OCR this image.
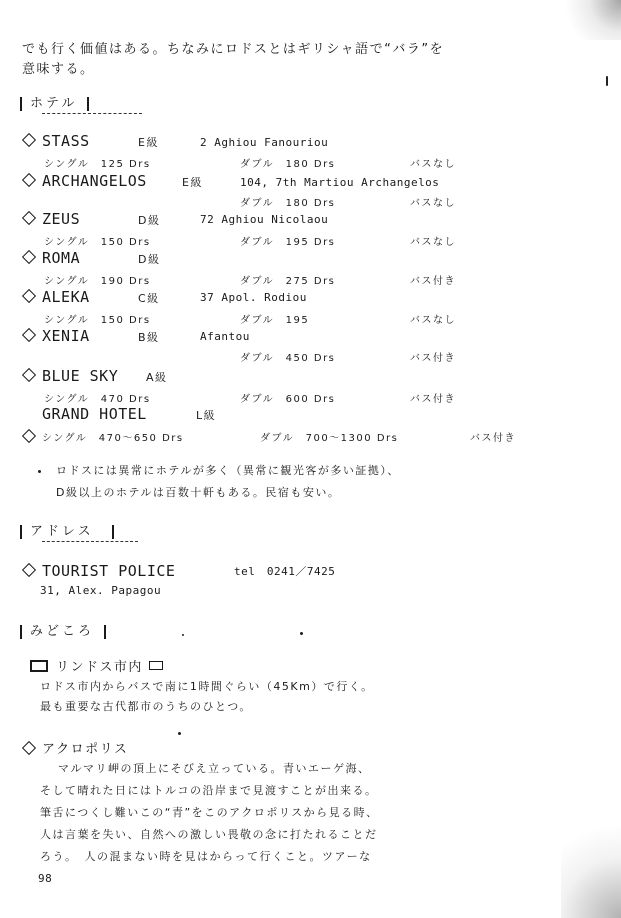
でも行く価値はある。ちなみにロドスとはギリシャ語で“バラ”を
意味する。
ホテル
STASS	E級	2 Aghiou Fanouriou
シングル　125 Drs	ダブル　180 Drs	バスなし
ARCHANGELOS	E級	104, 7th Martiou Archangelos
ダブル　180 Drs	バスなし
ZEUS	D級	72 Aghiou Nicolaou
シングル　150 Drs	ダブル　195 Drs	バスなし
ROMA	D級
シングル　190 Drs	ダブル　275 Drs	バス付き
ALEKA	C級	37 Apol. Rodiou
シングル　150 Drs	ダブル　195	バスなし
XENIA	B級	Afantou
ダブル　450 Drs	バス付き
BLUE SKY	A級
シングル　470 Drs	ダブル　600 Drs	バス付き
GRAND HOTEL	L級
シングル　470〜650 Drs	ダブル　700〜1300 Drs	バス付き
ロドスには異常にホテルが多く（異常に観光客が多い証拠）、
D級以上のホテルは百数十軒もある。民宿も安い。
アドレス
TOURIST POLICE	tel　0241／7425
31, Alex. Papagou
みどころ
リンドス市内
ロドス市内からバスで南に1時間ぐらい（45Km）で行く。
最も重要な古代都市のうちのひとつ。
アクロポリス
マルマリ岬の頂上にそびえ立っている。青いエーゲ海、
そして晴れた日にはトルコの沿岸まで見渡すことが出来る。
筆舌につくし難いこの“青”をこのアクロポリスから見る時、
人は言葉を失い、自然への激しい畏敬の念に打たれることだ
ろう。　人の混まない時を見はからって行くこと。ツアーな
98
